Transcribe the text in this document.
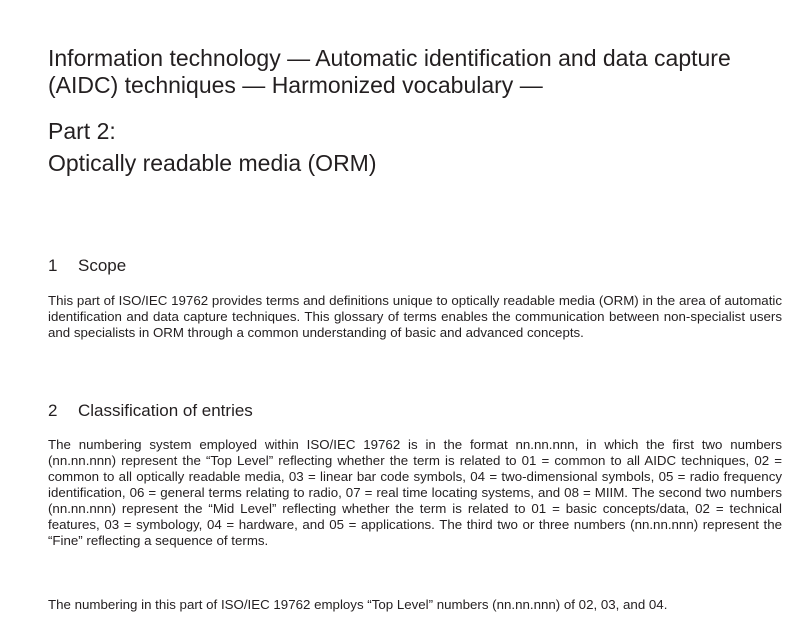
Information technology — Automatic identification and data capture (AIDC) techniques — Harmonized vocabulary —
Part 2:
Optically readable media (ORM)
1 Scope

This part of ISO/IEC 19762 provides terms and definitions unique to optically readable media (ORM) in the area of automatic identification and data capture techniques. This glossary of terms enables the communication between non-specialist users and specialists in ORM through a common understanding of basic and advanced concepts.

2 Classification of entries

The numbering system employed within ISO/IEC 19762 is in the format nn.nn.nnn, in which the first two numbers (nn.nn.nnn) represent the “Top Level” reflecting whether the term is related to 01 = common to all AIDC techniques, 02 = common to all optically readable media, 03 = linear bar code symbols, 04 = two-dimensional symbols, 05 = radio frequency identification, 06 = general terms relating to radio, 07 = real time locating systems, and 08 = MIIM. The second two numbers (nn.nn.nnn) represent the “Mid Level” reflecting whether the term is related to 01 = basic concepts/data, 02 = technical features, 03 = symbology, 04 = hardware, and 05 = applications. The third two or three numbers (nn.nn.nnn) represent the “Fine” reflecting a sequence of terms.

The numbering in this part of ISO/IEC 19762 employs “Top Level” numbers (nn.nn.nnn) of 02, 03, and 04.
